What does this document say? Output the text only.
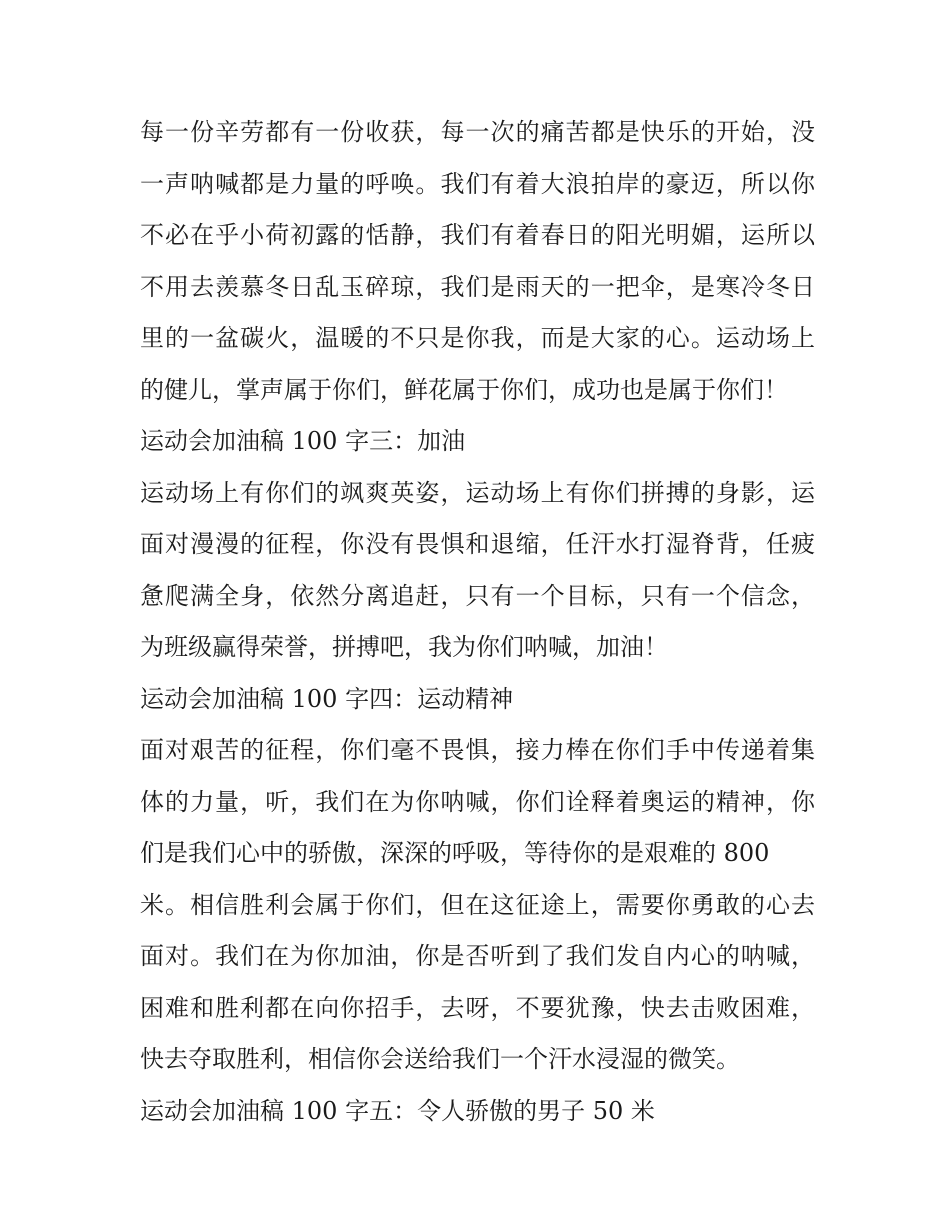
每一份辛劳都有一份收获，每一次的痛苦都是快乐的开始，没
一声呐喊都是力量的呼唤。我们有着大浪拍岸的豪迈，所以你
不必在乎小荷初露的恬静，我们有着春日的阳光明媚，运所以
不用去羡慕冬日乱玉碎琼，我们是雨天的一把伞，是寒冷冬日
里的一盆碳火，温暖的不只是你我，而是大家的心。运动场上
的健儿，掌声属于你们，鲜花属于你们，成功也是属于你们！
运动会加油稿 100 字三：加油
运动场上有你们的飒爽英姿，运动场上有你们拼搏的身影，运
面对漫漫的征程，你没有畏惧和退缩，任汗水打湿脊背，任疲
惫爬满全身，依然分离追赶，只有一个目标，只有一个信念，
为班级赢得荣誉，拼搏吧，我为你们呐喊，加油！
运动会加油稿 100 字四：运动精神
面对艰苦的征程，你们毫不畏惧，接力棒在你们手中传递着集
体的力量，听，我们在为你呐喊，你们诠释着奥运的精神，你
们是我们心中的骄傲，深深的呼吸，等待你的是艰难的 800
米。相信胜利会属于你们，但在这征途上，需要你勇敢的心去
面对。我们在为你加油，你是否听到了我们发自内心的呐喊，
困难和胜利都在向你招手，去呀，不要犹豫，快去击败困难，
快去夺取胜利，相信你会送给我们一个汗水浸湿的微笑。
运动会加油稿 100 字五：令人骄傲的男子 50 米
